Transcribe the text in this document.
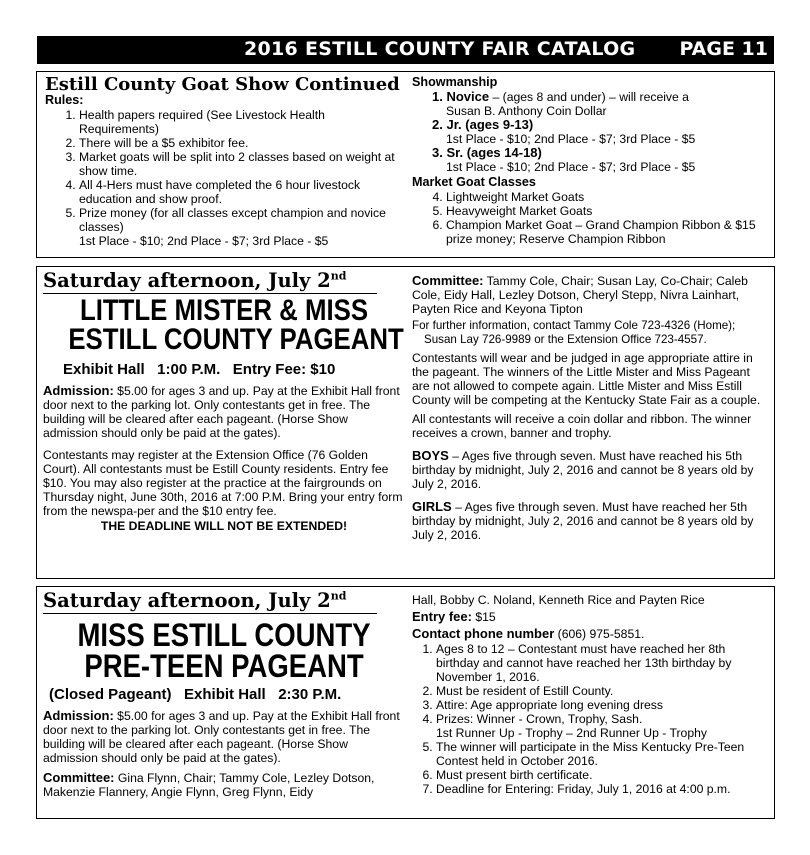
2016 ESTILL COUNTY FAIR CATALOG PAGE 11
Estill County Goat Show Continued
Rules:
1. Health papers required (See Livestock Health Requirements)
2. There will be a $5 exhibitor fee.
3. Market goats will be split into 2 classes based on weight at show time.
4. All 4-Hers must have completed the 6 hour livestock education and show proof.
5. Prize money (for all classes except champion and novice classes)
1st Place - $10; 2nd Place - $7; 3rd Place - $5
Showmanship
1. Novice – (ages 8 and under) – will receive a
Susan B. Anthony Coin Dollar
2. Jr. (ages 9-13)
1st Place - $10; 2nd Place - $7; 3rd Place - $5
3. Sr. (ages 14-18)
1st Place - $10; 2nd Place - $7; 3rd Place - $5
Market Goat Classes
4. Lightweight Market Goats
5. Heavyweight Market Goats
6. Champion Market Goat – Grand Champion Ribbon & $15 prize money; Reserve Champion Ribbon
Saturday afternoon, July 2nd
LITTLE MISTER & MISS
ESTILL COUNTY PAGEANT
Exhibit Hall   1:00 P.M.   Entry Fee: $10

Admission: $5.00 for ages 3 and up. Pay at the Exhibit Hall front door next to the parking lot. Only contestants get in free. The building will be cleared after each pageant. (Horse Show admission should only be paid at the gates).

Contestants may register at the Extension Office (76 Golden Court). All contestants must be Estill County residents. Entry fee $10. You may also register at the practice at the fairgrounds on Thursday night, June 30th, 2016 at 7:00 P.M. Bring your entry form from the newspa-per and the $10 entry fee.

THE DEADLINE WILL NOT BE EXTENDED!

Committee: Tammy Cole, Chair; Susan Lay, Co-Chair; Caleb Cole, Eidy Hall, Lezley Dotson, Cheryl Stepp, Nivra Lainhart, Payten Rice and Keyona Tipton

For further information, contact Tammy Cole 723-4326 (Home);
Susan Lay 726-9989 or the Extension Office 723-4557.

Contestants will wear and be judged in age appropriate attire in the pageant. The winners of the Little Mister and Miss Pageant are not allowed to compete again. Little Mister and Miss Estill County will be competing at the Kentucky State Fair as a couple.

All contestants will receive a coin dollar and ribbon. The winner receives a crown, banner and trophy.

BOYS – Ages five through seven. Must have reached his 5th birthday by midnight, July 2, 2016 and cannot be 8 years old by July 2, 2016.

GIRLS – Ages five through seven. Must have reached her 5th birthday by midnight, July 2, 2016 and cannot be 8 years old by July 2, 2016.

Saturday afternoon, July 2nd
MISS ESTILL COUNTY
PRE-TEEN PAGEANT
(Closed Pageant)   Exhibit Hall   2:30 P.M.

Admission: $5.00 for ages 3 and up. Pay at the Exhibit Hall front door next to the parking lot. Only contestants get in free. The building will be cleared after each pageant. (Horse Show admission should only be paid at the gates).

Committee: Gina Flynn, Chair; Tammy Cole, Lezley Dotson, Makenzie Flannery, Angie Flynn, Greg Flynn, Eidy

Hall, Bobby C. Noland, Kenneth Rice and Payten Rice
Entry fee: $15
Contact phone number (606) 975-5851.
1. Ages 8 to 12 – Contestant must have reached her 8th birthday and cannot have reached her 13th birthday by November 1, 2016.
2. Must be resident of Estill County.
3. Attire: Age appropriate long evening dress
4. Prizes: Winner - Crown, Trophy, Sash.
1st Runner Up - Trophy – 2nd Runner Up - Trophy
5. The winner will participate in the Miss Kentucky Pre-Teen Contest held in October 2016.
6. Must present birth certificate.
7. Deadline for Entering: Friday, July 1, 2016 at 4:00 p.m.
